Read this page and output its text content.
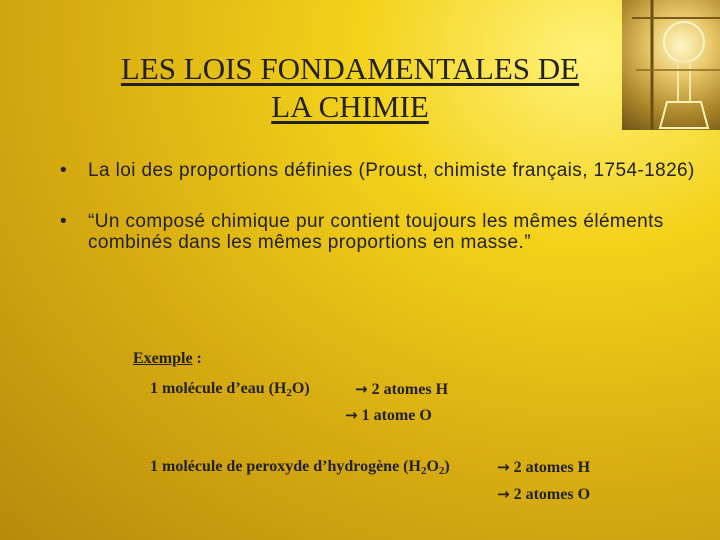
LES LOIS FONDAMENTALES DE
LA CHIMIE
• La loi des proportions définies (Proust, chimiste français, 1754-1826)
• “Un composé chimique pur contient toujours les mêmes éléments combinés dans les mêmes proportions en masse.”
Exemple :
1 molécule d’eau $(H_2O)$	→ 2 atomes H
→ 1 atome O
1 molécule de peroxyde d’hydrogène $(H_2O_2)$	→ 2 atomes H
→ 2 atomes O
